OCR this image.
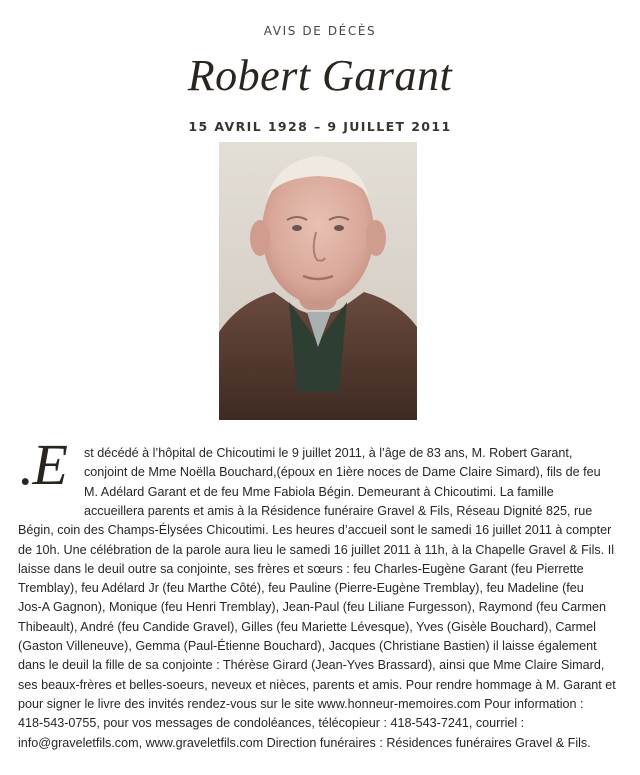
AVIS DE DÉCÈS
Robert Garant
15 AVRIL 1928 – 9 JUILLET 2011
.E	st décédé à l’hôpital de Chicoutimi le 9 juillet 2011, à l’âge de 83 ans, M. Robert Garant,
conjoint de Mme Noëlla Bouchard,(époux en 1ière noces de Dame Claire Simard), fils de feu
M. Adélard Garant et de feu Mme Fabiola Bégin. Demeurant à Chicoutimi. La famille
accueillera parents et amis à la Résidence funéraire Gravel & Fils, Réseau Dignité 825, rue
Bégin, coin des Champs-Élysées Chicoutimi. Les heures d’accueil sont le samedi 16 juillet 2011 à compter
de 10h. Une célébration de la parole aura lieu le samedi 16 juillet 2011 à 11h, à la Chapelle Gravel & Fils. Il
laisse dans le deuil outre sa conjointe, ses frères et sœurs : feu Charles-Eugène Garant (feu Pierrette
Tremblay), feu Adélard Jr (feu Marthe Côté), feu Pauline (Pierre-Eugène Tremblay), feu Madeline (feu
Jos-A Gagnon), Monique (feu Henri Tremblay), Jean-Paul (feu Liliane Furgesson), Raymond (feu Carmen
Thibeault), André (feu Candide Gravel), Gilles (feu Mariette Lévesque), Yves (Gisèle Bouchard), Carmel
(Gaston Villeneuve), Gemma (Paul-Étienne Bouchard), Jacques (Christiane Bastien) il laisse également
dans le deuil la fille de sa conjointe : Thérèse Girard (Jean-Yves Brassard), ainsi que Mme Claire Simard,
ses beaux-frères et belles-soeurs, neveux et nièces, parents et amis. Pour rendre hommage à M. Garant et
pour signer le livre des invités rendez-vous sur le site www.honneur-memoires.com Pour information :
418-543-0755, pour vos messages de condoléances, télécopieur : 418-543-7241, courriel :
info@graveletfils.com, www.graveletfils.com Direction funéraires : Résidences funéraires Gravel & Fils.
